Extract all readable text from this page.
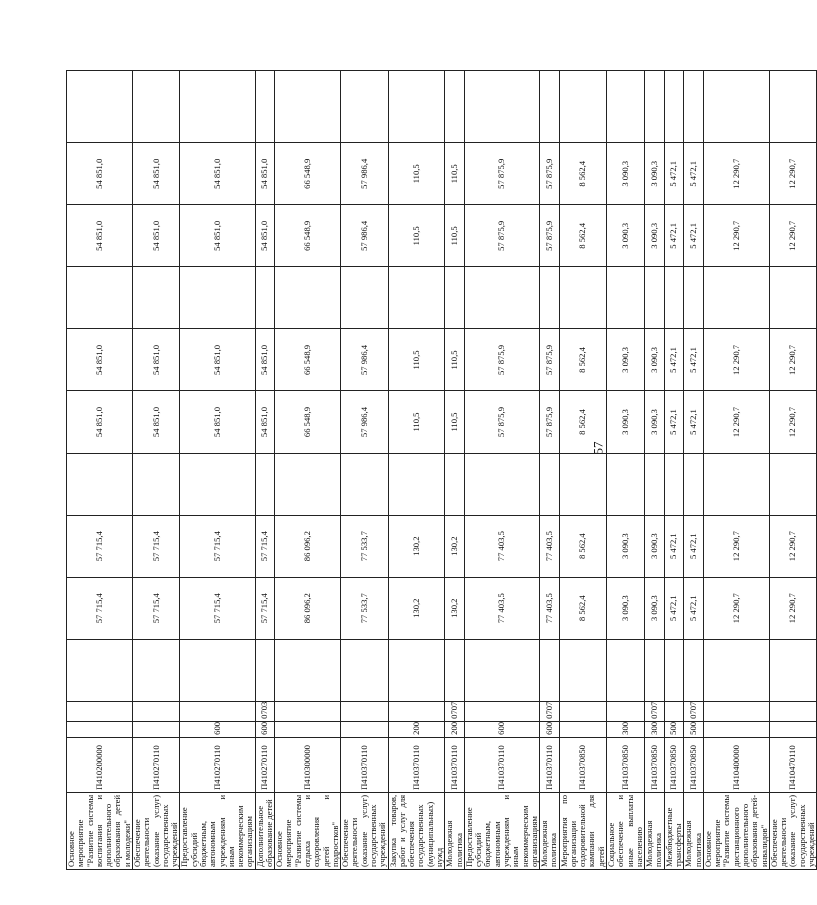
57
Основное мероприятие "Развитие системы воспитания и дополнительного образования детей и молодежи"	П410200000				57 715,4	57 715,4		54 851,0	54 851,0		54 851,0	54 851,0	
Обеспечение деятельности (оказание услуг) государственных учреждений	П410270110				57 715,4	57 715,4		54 851,0	54 851,0		54 851,0	54 851,0	
Предоставление субсидий бюджетным, автономным учреждениям и иным некоммерческим организациям	П410270110	600			57 715,4	57 715,4		54 851,0	54 851,0		54 851,0	54 851,0	
Дополнительное образование детей	П410270110	600	0703		57 715,4	57 715,4		54 851,0	54 851,0		54 851,0	54 851,0	
Основное мероприятие "Развитие системы отдыха и оздоровления детей и подростков"	П410300000				86 096,2	86 096,2		66 548,9	66 548,9		66 548,9	66 548,9	
Обеспечение деятельности (оказание услуг) государственных учреждений	П410370110				77 533,7	77 533,7		57 986,4	57 986,4		57 986,4	57 986,4	
Закупка товаров, работ и услуг для обеспечения государственных (муниципальных) нужд	П410370110	200			130,2	130,2		110,5	110,5		110,5	110,5	
Молодежная политика	П410370110	200	0707		130,2	130,2		110,5	110,5		110,5	110,5	
Предоставление субсидий бюджетным, автономным учреждениям и иным некоммерческим организациям	П410370110	600			77 403,5	77 403,5		57 875,9	57 875,9		57 875,9	57 875,9	
Молодежная политика	П410370110	600	0707		77 403,5	77 403,5		57 875,9	57 875,9		57 875,9	57 875,9	
Мероприятия по организации оздоровительной кампании для детей	П410370850				8 562,4	8 562,4		8 562,4	8 562,4		8 562,4	8 562,4	
Социальное обеспечение и иные выплаты населению	П410370850	300			3 090,3	3 090,3		3 090,3	3 090,3		3 090,3	3 090,3	
Молодежная политика	П410370850	300	0707		3 090,3	3 090,3		3 090,3	3 090,3		3 090,3	3 090,3	
Межбюджетные трансферты	П410370850	500			5 472,1	5 472,1		5 472,1	5 472,1		5 472,1	5 472,1	
Молодежная политика	П410370850	500	0707		5 472,1	5 472,1		5 472,1	5 472,1		5 472,1	5 472,1	
Основное мероприятие "Развитие системы дистанционного дополнительного образования детей-инвалидов"	П410400000				12 290,7	12 290,7		12 290,7	12 290,7		12 290,7	12 290,7	
Обеспечение деятельности (оказание услуг) государственных учреждений	П410470110				12 290,7	12 290,7		12 290,7	12 290,7		12 290,7	12 290,7	
